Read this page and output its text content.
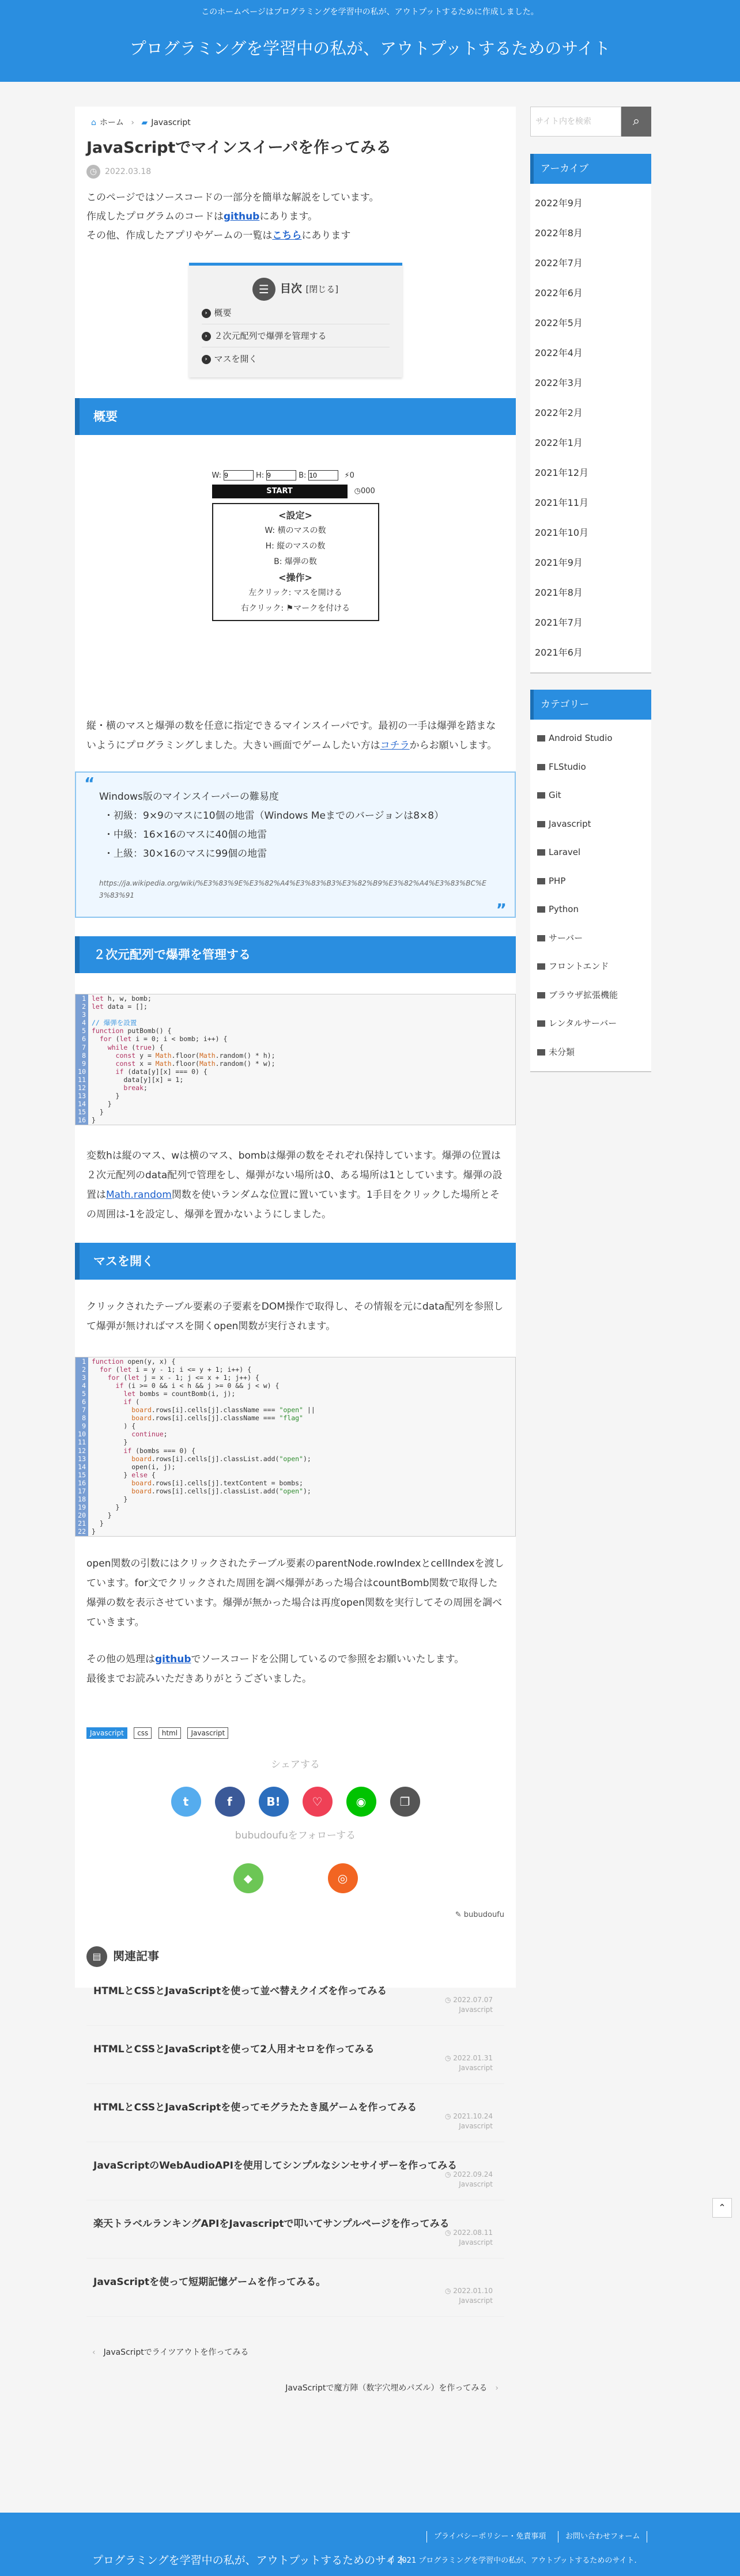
このホームページはプログラミングを学習中の私が、アウトプットするために作成しました。
プログラミングを学習中の私が、アウトプットするためのサイト
⌂ ホーム › ▰ Javascript
JavaScriptでマインスイーパを作ってみる
◷ 2022.03.18
このページではソースコードの一部分を簡単な解説をしています。
作成したプログラムのコードはgithubにあります。
その他、作成したアプリやゲームの一覧はこちらにあります
☰ 目次 [閉じる]
› 概要
› ２次元配列で爆弾を管理する
› マスを開く
概要
W:9	H:9	B:10	⚡0
START	◷000
<設定>
W: 横のマスの数
H: 縦のマスの数
B: 爆弾の数
<操作>
左クリック: マスを開ける
右クリック: ⚑マークを付ける
縦・横のマスと爆弾の数を任意に指定できるマインスイーパです。最初の一手は爆弾を踏まないようにプログラミングしました。大きい画面でゲームしたい方はコチラからお願いします。
“
Windows版のマインスイーパーの難易度
・ 初級：9×9のマスに10個の地雷（Windows Meまでのバージョンは8×8）
・ 中級：16×16のマスに40個の地雷
・ 上級：30×16のマスに99個の地雷
https://ja.wikipedia.org/wiki/%E3%83%9E%E3%82%A4%E3%83%B3%E3%82%B9%E3%82%A4%E3%83%BC%E3%83%91
”
２次元配列で爆弾を管理する
1 let h, w, bomb;
2 let data = [];
3
4 // 爆弾を設置
5 function putBomb() {
6 for (let i = 0; i < bomb; i++) {
7	while (true) {
8	const y = Math.floor(Math.random() * h);
9	const x = Math.floor(Math.random() * w);
10	if (data[y][x] === 0) {
11        data[y][x] = 1;
12	break;
13      }
14    }
15  }
16 }
変数hは縦のマス、wは横のマス、bombは爆弾の数をそれぞれ保持しています。爆弾の位置は２次元配列のdata配列で管理をし、爆弾がない場所は0、ある場所は1としています。爆弾の設置はMath.random関数を使いランダムな位置に置いています。1手目をクリックした場所とその周囲は-1を設定し、爆弾を置かないようにしました。
マスを開く
クリックされたテーブル要素の子要素をDOM操作で取得し、その情報を元にdata配列を参照して爆弾が無ければマスを開くopen関数が実行されます。
1 function open(y, x) {
2 for (let i = y - 1; i <= y + 1; i++) {
3	for (let j = x - 1; j <= x + 1; j++) {
4	if (i >= 0 && i < h && j >= 0 && j < w) {
5	let bombs = countBomb(i, j);
6	if (
7	board.rows[i].cells[j].className === "open" ||
8	board.rows[i].cells[j].className === "flag"
9        ) {
10	continue;
11        }
12	if (bombs === 0) {
13	board.rows[i].cells[j].classList.add("open");
14          open(i, j);
15        } else {
16	board.rows[i].cells[j].textContent = bombs;
17	board.rows[i].cells[j].classList.add("open");
18        }
19      }
20    }
21  }
22 }
open関数の引数にはクリックされたテーブル要素のparentNode.rowIndexとcellIndexを渡しています。for文でクリックされた周囲を調べ爆弾があった場合はcountBomb関数で取得した爆弾の数を表示させています。爆弾が無かった場合は再度open関数を実行してその周囲を調べていきます。
その他の処理はgithubでソースコードを公開しているので参照をお願いいたします。
最後までお読みいただきありがとうございました。
Javascript css html Javascript
シェアする
t	f	B!	♡	◉	❐
bubudoufuをフォローする
◆	◎
✎ bubudoufu
▤ 関連記事
HTMLとCSSとJavaScriptを使って並べ替えクイズを作ってみる
◷ 2022.07.07
Javascript
HTMLとCSSとJavaScriptを使って2人用オセロを作ってみる
◷ 2022.01.31
Javascript
HTMLとCSSとJavaScriptを使ってモグラたたき風ゲームを作ってみる
◷ 2021.10.24
Javascript
JavaScriptのWebAudioAPIを使用してシンプルなシンセサイザーを作ってみる
◷ 2022.09.24
Javascript
楽天トラベルランキングAPIをJavascriptで叩いてサンプルページを作ってみる
◷ 2022.08.11
Javascript
JavaScriptを使って短期記憶ゲームを作ってみる。
◷ 2022.01.10
Javascript
‹ JavaScriptでライツアウトを作ってみる
JavaScriptで魔方陣（数字穴埋めパズル）を作ってみる ›
サイト内を検索	⌕
アーカイブ
2022年9月
2022年8月
2022年7月
2022年6月
2022年5月
2022年4月
2022年3月
2022年2月
2022年1月
2021年12月
2021年11月
2021年10月
2021年9月
2021年8月
2021年7月
2021年6月
カテゴリー
Android Studio
FLStudio
Git
Javascript
Laravel
PHP
Python
サーバー
フロントエンド
ブラウザ拡張機能
レンタルサーバー
未分類
⌃
プライバシーポリシー・免責事項	お問い合わせフォーム
プログラミングを学習中の私が、アウトプットするためのサイト
© 2021 プログラミングを学習中の私が、アウトプットするためのサイト.
